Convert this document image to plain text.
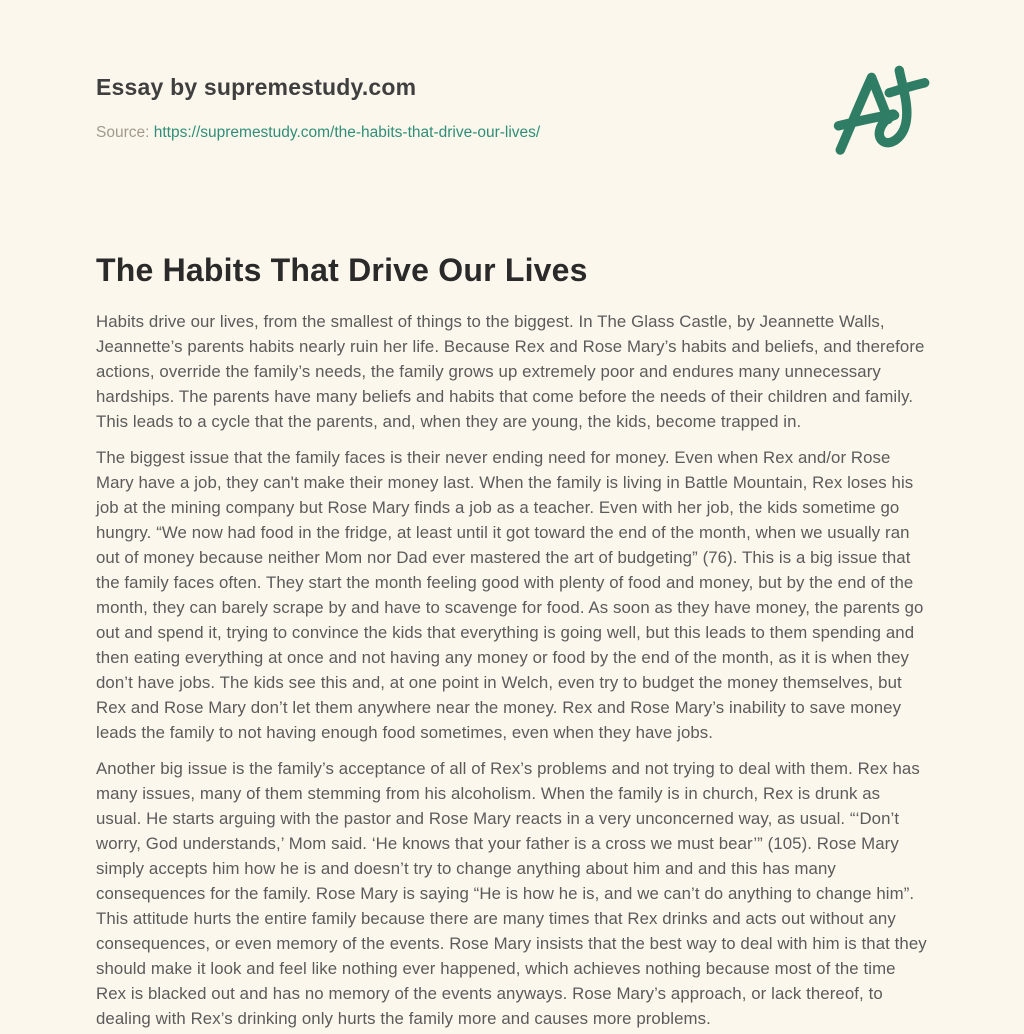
Essay by supremestudy.com
Source: https://supremestudy.com/the-habits-that-drive-our-lives/
The Habits That Drive Our Lives

Habits drive our lives, from the smallest of things to the biggest. In The Glass Castle, by Jeannette Walls, Jeannette’s parents habits nearly ruin her life. Because Rex and Rose Mary’s habits and beliefs, and therefore actions, override the family’s needs, the family grows up extremely poor and endures many unnecessary hardships. The parents have many beliefs and habits that come before the needs of their children and family. This leads to a cycle that the parents, and, when they are young, the kids, become trapped in.

The biggest issue that the family faces is their never ending need for money. Even when Rex and/or Rose Mary have a job, they can't make their money last. When the family is living in Battle Mountain, Rex loses his job at the mining company but Rose Mary finds a job as a teacher. Even with her job, the kids sometime go hungry. “We now had food in the fridge, at least until it got toward the end of the month, when we usually ran out of money because neither Mom nor Dad ever mastered the art of budgeting” (76). This is a big issue that the family faces often. They start the month feeling good with plenty of food and money, but by the end of the month, they can barely scrape by and have to scavenge for food. As soon as they have money, the parents go out and spend it, trying to convince the kids that everything is going well, but this leads to them spending and then eating everything at once and not having any money or food by the end of the month, as it is when they don’t have jobs. The kids see this and, at one point in Welch, even try to budget the money themselves, but Rex and Rose Mary don’t let them anywhere near the money. Rex and Rose Mary’s inability to save money leads the family to not having enough food sometimes, even when they have jobs.

Another big issue is the family’s acceptance of all of Rex’s problems and not trying to deal with them. Rex has many issues, many of them stemming from his alcoholism. When the family is in church, Rex is drunk as usual. He starts arguing with the pastor and Rose Mary reacts in a very unconcerned way, as usual. “‘Don’t worry, God understands,’ Mom said. ‘He knows that your father is a cross we must bear’” (105). Rose Mary simply accepts him how he is and doesn’t try to change anything about him and and this has many consequences for the family. Rose Mary is saying “He is how he is, and we can’t do anything to change him”. This attitude hurts the entire family because there are many times that Rex drinks and acts out without any consequences, or even memory of the events. Rose Mary insists that the best way to deal with him is that they should make it look and feel like nothing ever happened, which achieves nothing because most of the time Rex is blacked out and has no memory of the events anyways. Rose Mary’s approach, or lack thereof, to dealing with Rex’s drinking only hurts the family more and causes more problems.
